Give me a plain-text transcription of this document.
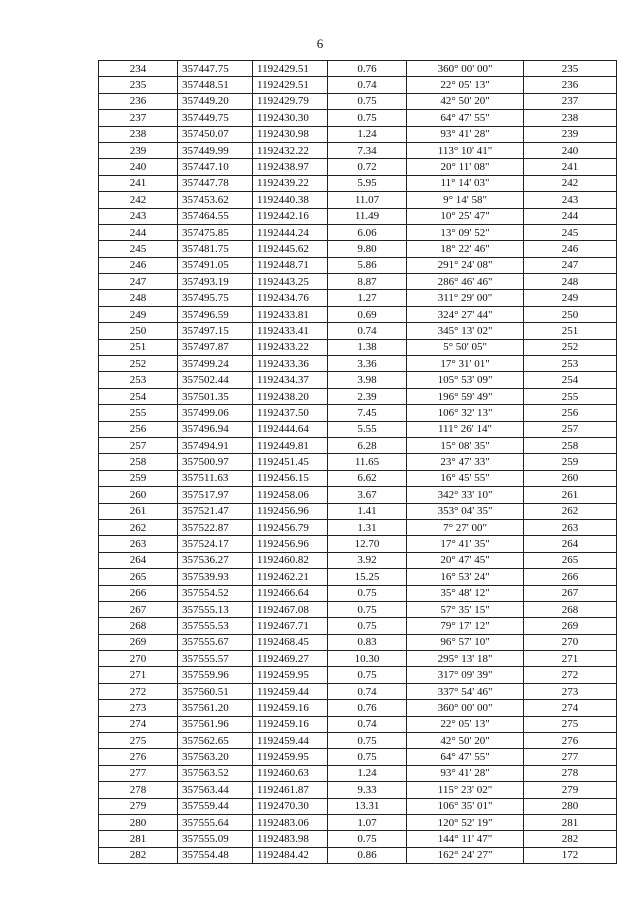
6
234	357447.75	1192429.51	0.76	360° 00' 00"	235
235	357448.51	1192429.51	0.74	22° 05' 13"	236
236	357449.20	1192429.79	0.75	42° 50' 20"	237
237	357449.75	1192430.30	0.75	64° 47' 55"	238
238	357450.07	1192430.98	1.24	93° 41' 28"	239
239	357449.99	1192432.22	7.34	113° 10' 41"	240
240	357447.10	1192438.97	0.72	20° 11' 08"	241
241	357447.78	1192439.22	5.95	11° 14' 03"	242
242	357453.62	1192440.38	11.07	9° 14' 58"	243
243	357464.55	1192442.16	11.49	10° 25' 47"	244
244	357475.85	1192444.24	6.06	13° 09' 52"	245
245	357481.75	1192445.62	9.80	18° 22' 46"	246
246	357491.05	1192448.71	5.86	291° 24' 08"	247
247	357493.19	1192443.25	8.87	286° 46' 46"	248
248	357495.75	1192434.76	1.27	311° 29' 00"	249
249	357496.59	1192433.81	0.69	324° 27' 44"	250
250	357497.15	1192433.41	0.74	345° 13' 02"	251
251	357497.87	1192433.22	1.38	5° 50' 05"	252
252	357499.24	1192433.36	3.36	17° 31' 01"	253
253	357502.44	1192434.37	3.98	105° 53' 09"	254
254	357501.35	1192438.20	2.39	196° 59' 49"	255
255	357499.06	1192437.50	7.45	106° 32' 13"	256
256	357496.94	1192444.64	5.55	111° 26' 14"	257
257	357494.91	1192449.81	6.28	15° 08' 35"	258
258	357500.97	1192451.45	11.65	23° 47' 33"	259
259	357511.63	1192456.15	6.62	16° 45' 55"	260
260	357517.97	1192458.06	3.67	342° 33' 10"	261
261	357521.47	1192456.96	1.41	353° 04' 35"	262
262	357522.87	1192456.79	1.31	7° 27' 00"	263
263	357524.17	1192456.96	12.70	17° 41' 35"	264
264	357536.27	1192460.82	3.92	20° 47' 45"	265
265	357539.93	1192462.21	15.25	16° 53' 24"	266
266	357554.52	1192466.64	0.75	35° 48' 12"	267
267	357555.13	1192467.08	0.75	57° 35' 15"	268
268	357555.53	1192467.71	0.75	79° 17' 12"	269
269	357555.67	1192468.45	0.83	96° 57' 10"	270
270	357555.57	1192469.27	10.30	295° 13' 18"	271
271	357559.96	1192459.95	0.75	317° 09' 39"	272
272	357560.51	1192459.44	0.74	337° 54' 46"	273
273	357561.20	1192459.16	0.76	360° 00' 00"	274
274	357561.96	1192459.16	0.74	22° 05' 13"	275
275	357562.65	1192459.44	0.75	42° 50' 20"	276
276	357563.20	1192459.95	0.75	64° 47' 55"	277
277	357563.52	1192460.63	1.24	93° 41' 28"	278
278	357563.44	1192461.87	9.33	115° 23' 02"	279
279	357559.44	1192470.30	13.31	106° 35' 01"	280
280	357555.64	1192483.06	1.07	120° 52' 19"	281
281	357555.09	1192483.98	0.75	144° 11' 47"	282
282	357554.48	1192484.42	0.86	162° 24' 27"	172
